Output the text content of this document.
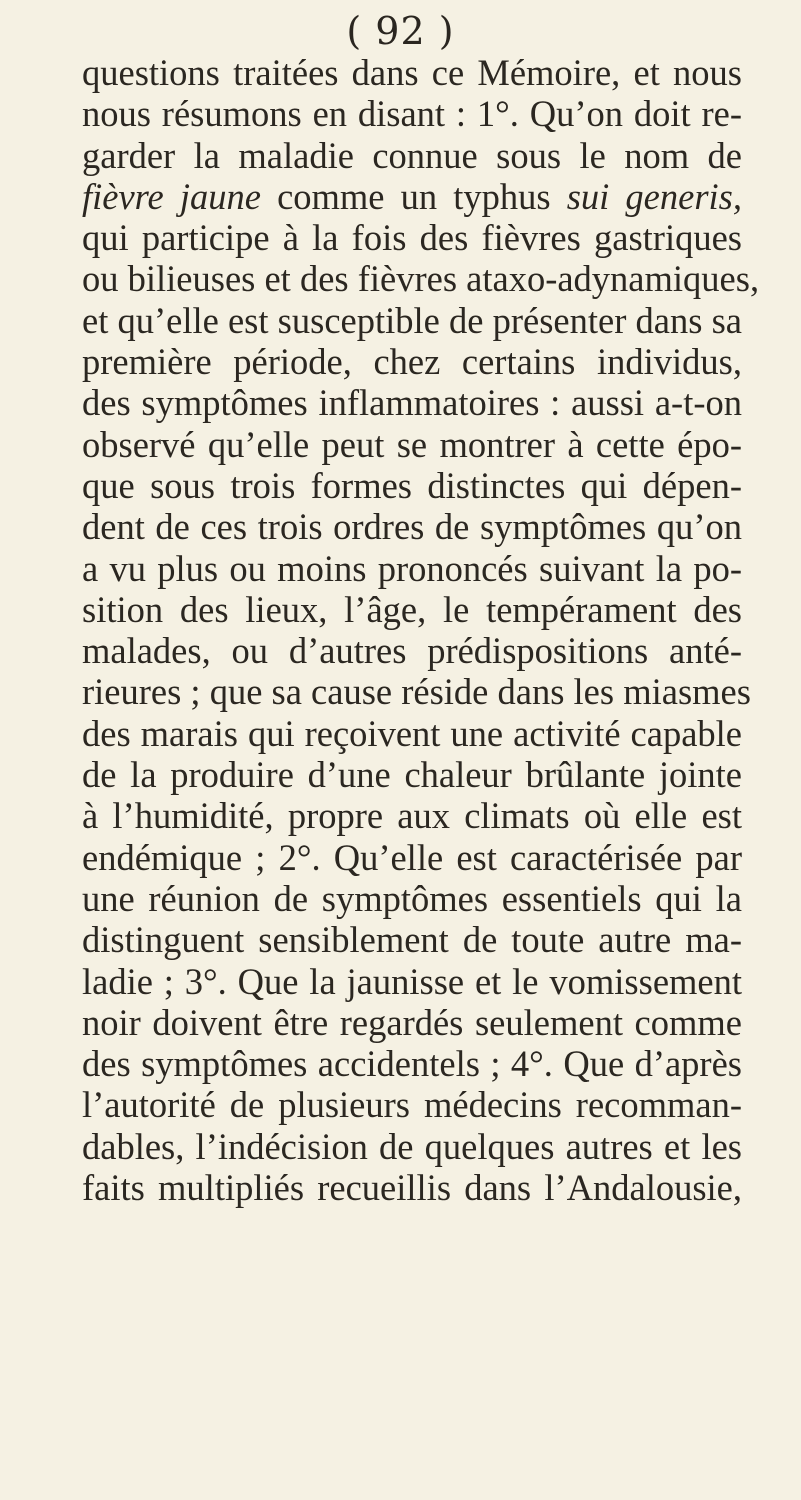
( 92 )
questions traitées dans ce Mémoire, et nous
nous résumons en disant : 1°. Qu’on doit re-
garder la maladie connue sous le nom de
fièvre jaune comme un typhus sui generis,
qui participe à la fois des fièvres gastriques
ou bilieuses et des fièvres ataxo-adynamiques,
et qu’elle est susceptible de présenter dans sa
première période, chez certains individus,
des symptômes inflammatoires : aussi a-t-on
observé qu’elle peut se montrer à cette épo-
que sous trois formes distinctes qui dépen-
dent de ces trois ordres de symptômes qu’on
a vu plus ou moins prononcés suivant la po-
sition des lieux, l’âge, le tempérament des
malades, ou d’autres prédispositions anté-
rieures ; que sa cause réside dans les miasmes
des marais qui reçoivent une activité capable
de la produire d’une chaleur brûlante jointe
à l’humidité, propre aux climats où elle est
endémique ; 2°. Qu’elle est caractérisée par
une réunion de symptômes essentiels qui la
distinguent sensiblement de toute autre ma-
ladie ; 3°. Que la jaunisse et le vomissement
noir doivent être regardés seulement comme
des symptômes accidentels ; 4°. Que d’après
l’autorité de plusieurs médecins recomman-
dables, l’indécision de quelques autres et les
faits multipliés recueillis dans l’Andalousie,
